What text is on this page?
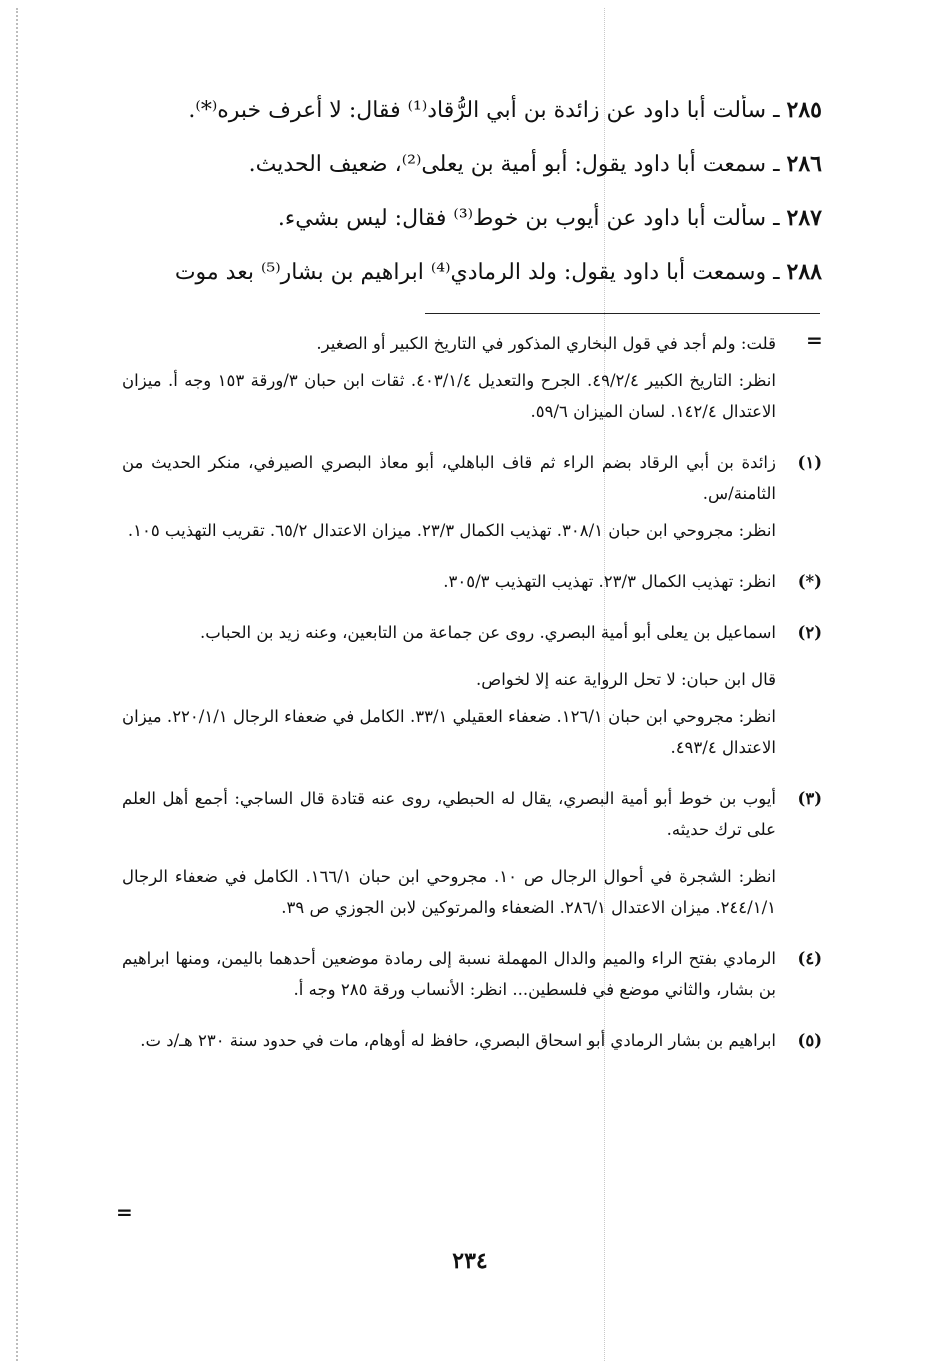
٢٨٥ ـ سألت أبا داود عن زائدة بن أبي الرُّقاد⁽¹⁾ فقال: لا أعرف خبره⁽*⁾.
٢٨٦ ـ سمعت أبا داود يقول: أبو أمية بن يعلى⁽²⁾، ضعيف الحديث.
٢٨٧ ـ سألت أبا داود عن أيوب بن خوط⁽³⁾ فقال: ليس بشيء.
٢٨٨ ـ وسمعت أبا داود يقول: ولد الرمادي⁽⁴⁾ ابراهيم بن بشار⁽⁵⁾ بعد موت
=

قلت: ولم أجد في قول البخاري المذكور في التاريخ الكبير أو الصغير.

انظر: التاريخ الكبير ٤٩/٢/٤. الجرح والتعديل ٤٠٣/١/٤. ثقات ابن حبان ٣/ورقة ١٥٣ وجه أ. ميزان الاعتدال ١٤٢/٤. لسان الميزان ٥٩/٦.

(١)

زائدة بن أبي الرقاد بضم الراء ثم قاف الباهلي، أبو معاذ البصري الصيرفي، منكر الحديث من الثامنة/س.

انظر: مجروحي ابن حبان ٣٠٨/١. تهذيب الكمال ٢٣/٣. ميزان الاعتدال ٦٥/٢. تقريب التهذيب ١٠٥.

(*)

انظر: تهذيب الكمال ٢٣/٣. تهذيب التهذيب ٣٠٥/٣.

(٢)

اسماعيل بن يعلى أبو أمية البصري. روى عن جماعة من التابعين، وعنه زيد بن الحباب.

قال ابن حبان: لا تحل الرواية عنه إلا لخواص.

انظر: مجروحي ابن حبان ١٢٦/١. ضعفاء العقيلي ٣٣/١. الكامل في ضعفاء الرجال ٢٢٠/١/١. ميزان الاعتدال ٤٩٣/٤.

(٣)

أيوب بن خوط أبو أمية البصري، يقال له الحبطي، روى عنه قتادة قال الساجي: أجمع أهل العلم على ترك حديثه.

انظر: الشجرة في أحوال الرجال ص ١٠. مجروحي ابن حبان ١٦٦/١. الكامل في ضعفاء الرجال ٢٤٤/١/١. ميزان الاعتدال ٢٨٦/١. الضعفاء والمرتوكين لابن الجوزي ص ٣٩.

(٤)

الرمادي بفتح الراء والميم والدال المهملة نسبة إلى رمادة موضعين أحدهما باليمن، ومنها ابراهيم بن بشار، والثاني موضع في فلسطين... انظر: الأنساب ورقة ٢٨٥ وجه أ.

(٥)

ابراهيم بن بشار الرمادي أبو اسحاق البصري، حافظ له أوهام، مات في حدود سنة ٢٣٠ هـ/د ت.

=
٢٣٤
